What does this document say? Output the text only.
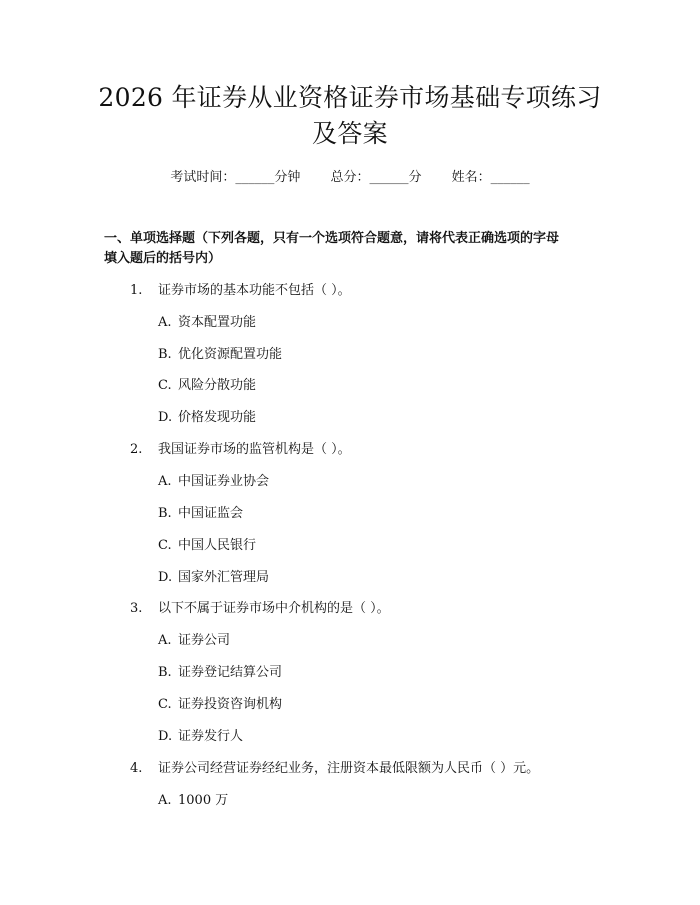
2026 年证券从业资格证券市场基础专项练习
及答案
考试时间：______分钟 总分：______分 姓名：______
一、单项选择题（下列各题，只有一个选项符合题意，请将代表正确选项的字母
填入题后的括号内）
1. 证券市场的基本功能不包括（ ）。
A. 资本配置功能
B. 优化资源配置功能
C. 风险分散功能
D. 价格发现功能
2. 我国证券市场的监管机构是（ ）。
A. 中国证券业协会
B. 中国证监会
C. 中国人民银行
D. 国家外汇管理局
3. 以下不属于证券市场中介机构的是（ ）。
A. 证券公司
B. 证券登记结算公司
C. 证券投资咨询机构
D. 证券发行人
4. 证券公司经营证券经纪业务，注册资本最低限额为人民币（ ）元。
A. 1000 万
